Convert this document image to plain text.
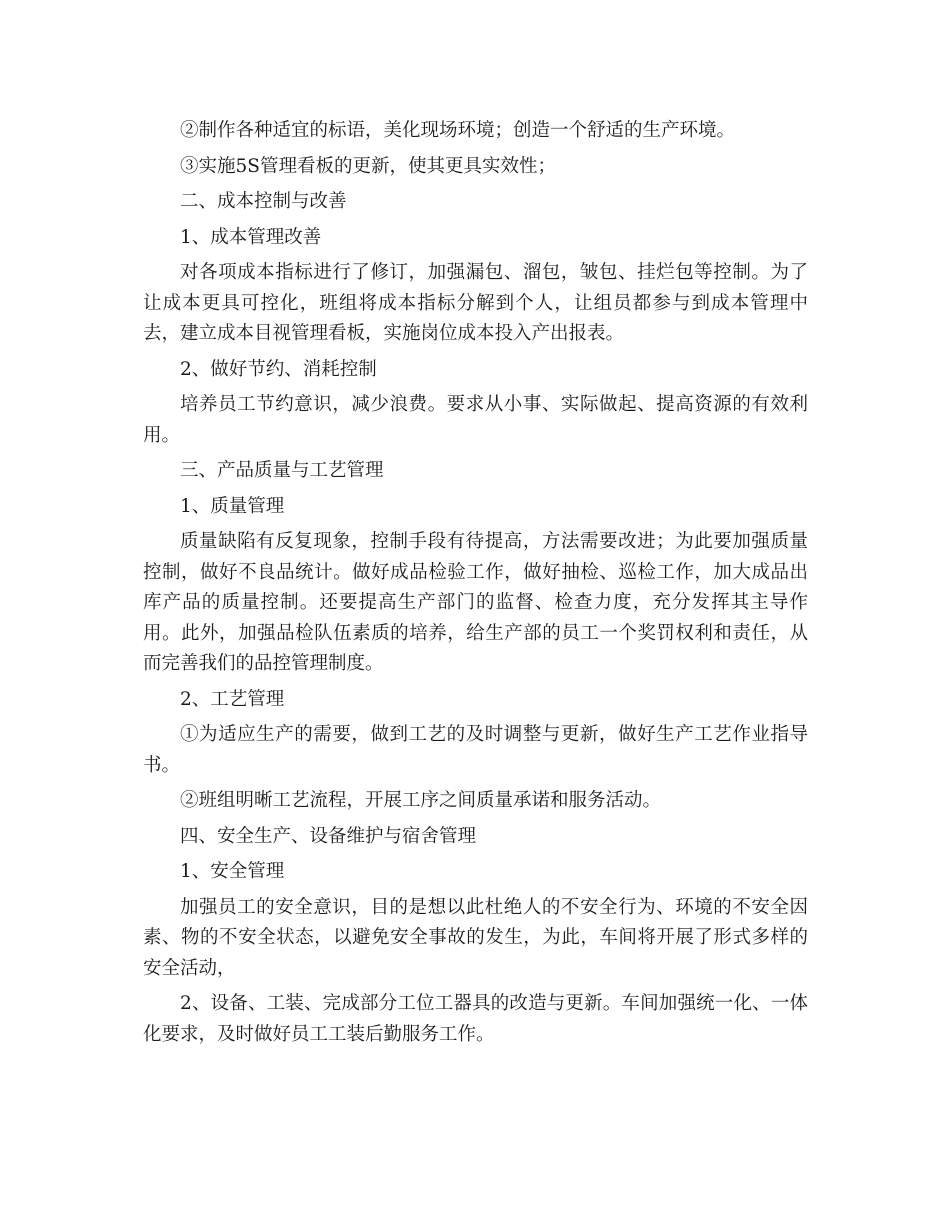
②制作各种适宜的标语，美化现场环境；创造一个舒适的生产环境。

③实施5S管理看板的更新，使其更具实效性；

二、成本控制与改善

1、成本管理改善

对各项成本指标进行了修订，加强漏包、溜包，皱包、挂烂包等控制。为了让成本更具可控化，班组将成本指标分解到个人，让组员都参与到成本管理中去，建立成本目视管理看板，实施岗位成本投入产出报表。

2、做好节约、消耗控制

培养员工节约意识，减少浪费。要求从小事、实际做起、提高资源的有效利用。

三、产品质量与工艺管理

1、质量管理

质量缺陷有反复现象，控制手段有待提高，方法需要改进；为此要加强质量控制，做好不良品统计。做好成品检验工作，做好抽检、巡检工作，加大成品出库产品的质量控制。还要提高生产部门的监督、检查力度，充分发挥其主导作用。此外，加强品检队伍素质的培养，给生产部的员工一个奖罚权利和责任，从而完善我们的品控管理制度。

2、工艺管理

①为适应生产的需要，做到工艺的及时调整与更新，做好生产工艺作业指导书。

②班组明晰工艺流程，开展工序之间质量承诺和服务活动。

四、安全生产、设备维护与宿舍管理

1、安全管理

加强员工的安全意识，目的是想以此杜绝人的不安全行为、环境的不安全因素、物的不安全状态，以避免安全事故的发生，为此，车间将开展了形式多样的安全活动，

2、设备、工装、完成部分工位工器具的改造与更新。车间加强统一化、一体化要求，及时做好员工工装后勤服务工作。
